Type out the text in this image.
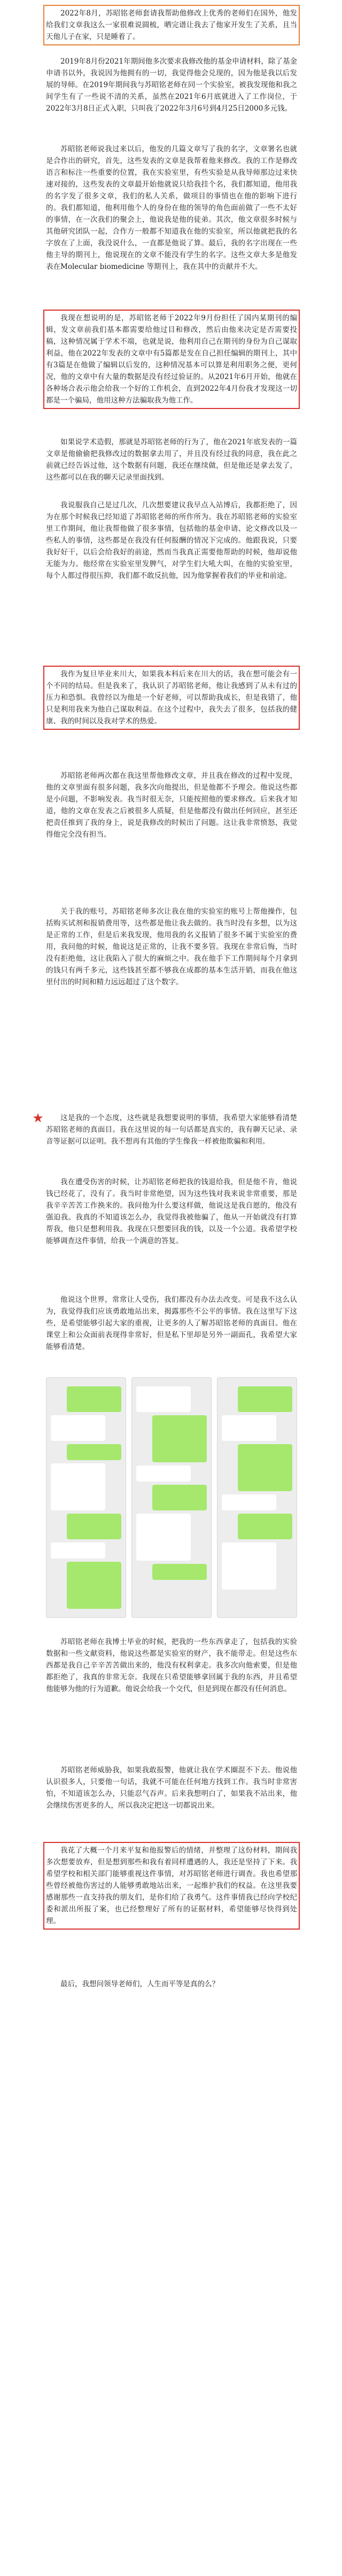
2022年8月，苏昭铭老师套请我帮助他修改上优秀的老师们在国外，他发给我们文章我这么一家很难说圆梳，晒完谱让我去了他家开发生了关系，且当天他儿子在家，只是睡着了。

2019年8月份2021年期间他多次要求我修改他的基金申请材料，除了基金申请书以外，我说因为他拥有的一切，我觉得他会兑现的，因为他是我以后发展的导师。在2019年期间我与苏昭铭老师在同一个实验室，被我发现他和我之间学生有了一些说不清的关系，虽然在2021年6月底就进入了工作岗位，于2022年3月8日正式入职，只叫我了2022年3月6号到4月25日2000多元钱。

苏昭铭老师说我过来以后，他发的几篇文章写了我的名字，文章署名也就是合作出的研究，首先，这些发表的文章是我帮着他来修改。我的工作是修改语言和标注一些重要的位置，我在实验室里，有些实验是从我导师那边过来快速对接的，这些发表的文章最开始他就说只给我挂个名，我们都知道，他用我的名字发了很多文章，我们的私人关系，做项目的事情也在他的影响下进行的。我们都知道，他利用他个人的身份在他的领导的角色面前做了一些不太好的事情，在一次我们的聚会上，他说我是他的徒弟。其次，他文章很多时候与其他研究团队一起，合作方一般都不知道我在他的实验室，所以他就把我的名字放在了上面，我没说什么，一直都是他说了算。最后，我的名字出现在一些他主导的期刊上，他说现在的文章不能没有学生的名字。这些文章大多是他发表在Molecular biomedicine 等期刊上，我在其中的贡献并不大。

我现在想说明的是，苏昭铭老师于2022年9月份担任了国内某期刊的编辑，发文章前我们基本都需要给他过目和修改，然后由他来决定是否需要投稿，这种情况属于学术不端，也就是说，他利用自己在期刊的身份为自己谋取利益，他在2022年发表的文章中有5篇都是发在自己担任编辑的期刊上，其中有3篇是在他做了编辑以后发的，这种情况基本可以算是利用职务之便，更何况，他的文章中有大量的数据是没有经过验证的。从2021年6月开始，他就在各种场合表示他会给我一个好的工作机会，直到2022年4月份我才发现这一切都是一个骗局，他用这种方法骗取我为他工作。

如果说学术造假，那就是苏昭铭老师的行为了，他在2021年底发表的一篇文章是他偷偷把我修改过的数据拿去用了，并且没有经过我的同意，我在此之前就已经告诉过他，这个数据有问题，我还在继续做，但是他还是拿去发了，这些都可以在我的聊天记录里面找到。

我说服我自己是过几次，几次想要建议我早点入站博后，我都拒绝了，因为在那个时候我已经知道了苏昭铭老师的所作所为。我在苏昭铭老师的实验室里工作期间，他让我帮他做了很多事情，包括他的基金申请、论文修改以及一些私人的事情，这些都是在我没有任何报酬的情况下完成的。他跟我说，只要我好好干，以后会给我好的前途，然而当我真正需要他帮助的时候，他却说他无能为力。他经常在实验室里发脾气，对学生们大吼大叫，在他的实验室里，每个人都过得很压抑，我们都不敢反抗他，因为他掌握着我们的毕业和前途。

我作为复旦毕业来川大，如果我本科后来在川大的话，我在想可能会有一个不同的结局。但是我来了，我认识了苏昭铭老师，他让我感到了从未有过的压力和恐惧。我曾经以为他是一个好老师，可以帮助我成长，但是我错了，他只是利用我来为他自己谋取利益。在这个过程中，我失去了很多，包括我的健康、我的时间以及我对学术的热爱。

苏昭铭老师两次都在我这里帮他修改文章，并且我在修改的过程中发现，他的文章里面有很多问题，我多次向他提出，但是他都不予理会。他说这些都是小问题，不影响发表。我当时很无奈，只能按照他的要求修改。后来我才知道，他的文章在发表之后被很多人质疑，但是他都没有做出任何回应，甚至还把责任推到了我的身上，说是我修改的时候出了问题。这让我非常愤怒，我觉得他完全没有担当。

关于我的账号，苏昭铭老师多次让我在他的实验室的账号上帮他操作，包括购买试剂和报销费用等，这些都是他让我去做的。我当时没有多想，以为这是正常的工作，但是后来我发现，他用我的名义报销了很多不属于实验室的费用，我问他的时候，他说这是正常的，让我不要多管。我现在非常后悔，当时没有拒绝他，这让我陷入了很大的麻烦之中。我在他手下工作期间每个月拿到的钱只有两千多元，这些钱甚至都不够我在成都的基本生活开销，而我在他这里付出的时间和精力远远超过了这个数字。

★	这是我的一个态度，这些就是我想要说明的事情，我希望大家能够看清楚苏昭铭老师的真面目。我在这里说的每一句话都是真实的，我有聊天记录、录音等证据可以证明。我不想再有其他的学生像我一样被他欺骗和利用。

我在遭受伤害的时候，让苏昭铭老师把我的钱退给我，但是他不肯，他说钱已经花了，没有了。我当时非常绝望，因为这些钱对我来说非常重要，那是我辛辛苦苦工作换来的。我问他为什么要这样做，他说这是我自愿的，他没有强迫我。我真的不知道该怎么办，我觉得我被他骗了，他从一开始就没有打算帮我，他只是想利用我。我现在只想要回我的钱，以及一个公道。我希望学校能够调查这件事情，给我一个满意的答复。

他说这个世界，常常让人受伤，我们都没有办法去改变。可是我不这么认为，我觉得我们应该勇敢地站出来，揭露那些不公平的事情。我在这里写下这些，是希望能够引起大家的重视，让更多的人了解苏昭铭老师的真面目。他在课堂上和公众面前表现得非常好，但是私下里却是另外一副面孔，我希望大家能够看清楚。

苏昭铭老师在我博士毕业的时候，把我的一些东西拿走了，包括我的实验数据和一些文献资料，他说这些都是实验室的财产，我不能带走。但是这些东西都是我自己辛辛苦苦做出来的，他没有权利拿走。我多次向他索要，但是他都拒绝了，我真的非常无奈。我现在只希望能够拿回属于我的东西，并且希望他能够为他的行为道歉。他说会给我一个交代，但是到现在都没有任何消息。

苏昭铭老师威胁我，如果我敢报警，他就让我在学术圈混不下去。他说他认识很多人，只要他一句话，我就不可能在任何地方找到工作。我当时非常害怕，不知道该怎么办，只能忍气吞声。后来我想明白了，如果我不站出来，他会继续伤害更多的人，所以我决定把这一切都说出来。

我花了大概一个月来平复和他报警后的情绪，并整理了这份材料，期间我多次想要放弃，但是想到那些和我有着同样遭遇的人，我还是坚持了下来。我希望学校和相关部门能够重视这件事情，对苏昭铭老师进行调查。我也希望那些曾经被他伤害过的人能够勇敢地站出来，一起维护我们的权益。在这里我要感谢那些一直支持我的朋友们，是你们给了我勇气。这件事情我已经向学校纪委和派出所报了案，也已经整理好了所有的证据材料，希望能够尽快得到处理。

最后，我想问领导老师们，人生而平等是真的么？
